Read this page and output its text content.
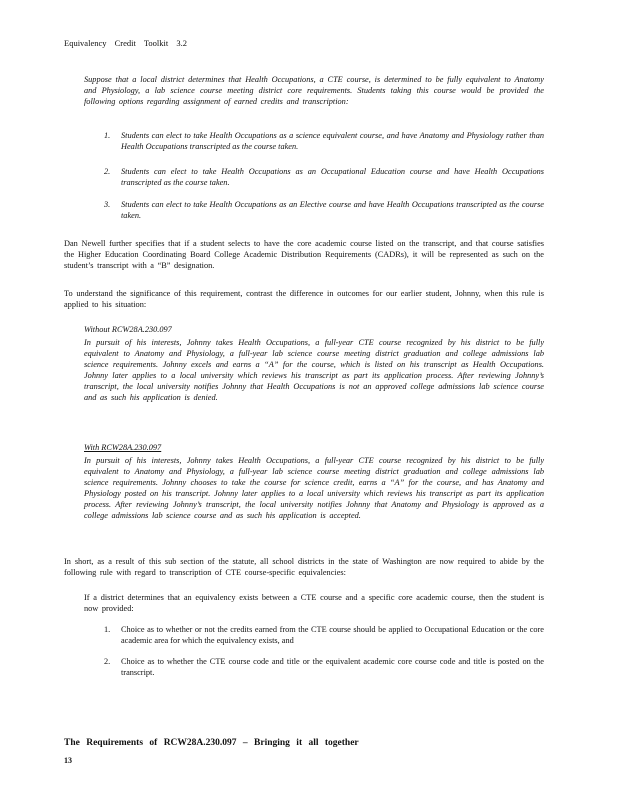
Equivalency Credit Toolkit 3.2
Suppose that a local district determines that Health Occupations, a CTE course, is determined to be fully equivalent to Anatomy and Physiology, a lab science course meeting district core requirements. Students taking this course would be provided the following options regarding assignment of earned credits and transcription:
1. Students can elect to take Health Occupations as a science equivalent course, and have Anatomy and Physiology rather than Health Occupations transcripted as the course taken.
2. Students can elect to take Health Occupations as an Occupational Education course and have Health Occupations transcripted as the course taken.
3. Students can elect to take Health Occupations as an Elective course and have Health Occupations transcripted as the course taken.
Dan Newell further specifies that if a student selects to have the core academic course listed on the transcript, and that course satisfies the Higher Education Coordinating Board College Academic Distribution Requirements (CADRs), it will be represented as such on the student’s transcript with a “B” designation.
To understand the significance of this requirement, contrast the difference in outcomes for our earlier student, Johnny, when this rule is applied to his situation:
Without RCW28A.230.097
In pursuit of his interests, Johnny takes Health Occupations, a full-year CTE course recognized by his district to be fully equivalent to Anatomy and Physiology, a full-year lab science course meeting district graduation and college admissions lab science requirements. Johnny excels and earns a “A” for the course, which is listed on his transcript as Health Occupations. Johnny later applies to a local university which reviews his transcript as part its application process. After reviewing Johnny’s transcript, the local university notifies Johnny that Health Occupations is not an approved college admissions lab science course and as such his application is denied.
With RCW28A.230.097
In pursuit of his interests, Johnny takes Health Occupations, a full-year CTE course recognized by his district to be fully equivalent to Anatomy and Physiology, a full-year lab science course meeting district graduation and college admissions lab science requirements. Johnny chooses to take the course for science credit, earns a “A” for the course, and has Anatomy and Physiology posted on his transcript. Johnny later applies to a local university which reviews his transcript as part its application process. After reviewing Johnny’s transcript, the local university notifies Johnny that Anatomy and Physiology is approved as a college admissions lab science course and as such his application is accepted.
In short, as a result of this sub section of the statute, all school districts in the state of Washington are now required to abide by the following rule with regard to transcription of CTE course-specific equivalencies:
If a district determines that an equivalency exists between a CTE course and a specific core academic course, then the student is now provided:
1. Choice as to whether or not the credits earned from the CTE course should be applied to Occupational Education or the core academic area for which the equivalency exists, and
2. Choice as to whether the CTE course code and title or the equivalent academic core course code and title is posted on the transcript.
The Requirements of RCW28A.230.097 – Bringing it all together
13
